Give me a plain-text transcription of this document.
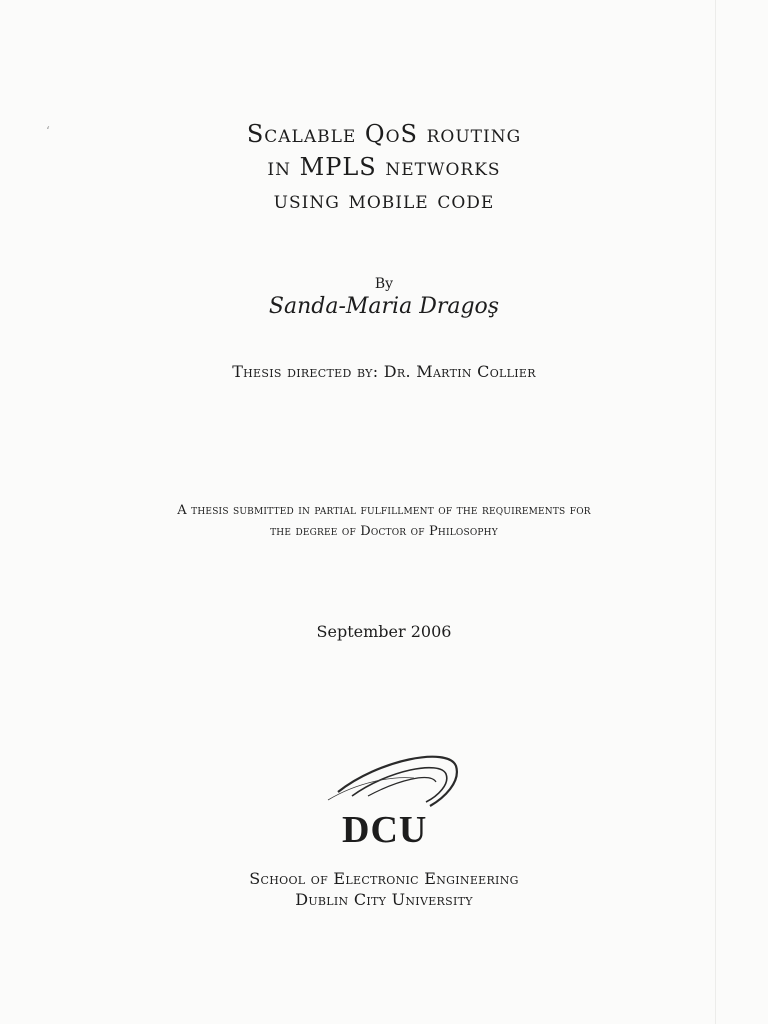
‘	Scalable QoS routing
in MPLS networks
using mobile code
By
Sanda-Maria Dragoş
Thesis directed by: Dr. Martin Collier
A thesis submitted in partial fulfillment of the requirements for
the degree of Doctor of Philosophy
September 2006
DCU
School of Electronic Engineering
Dublin City University
